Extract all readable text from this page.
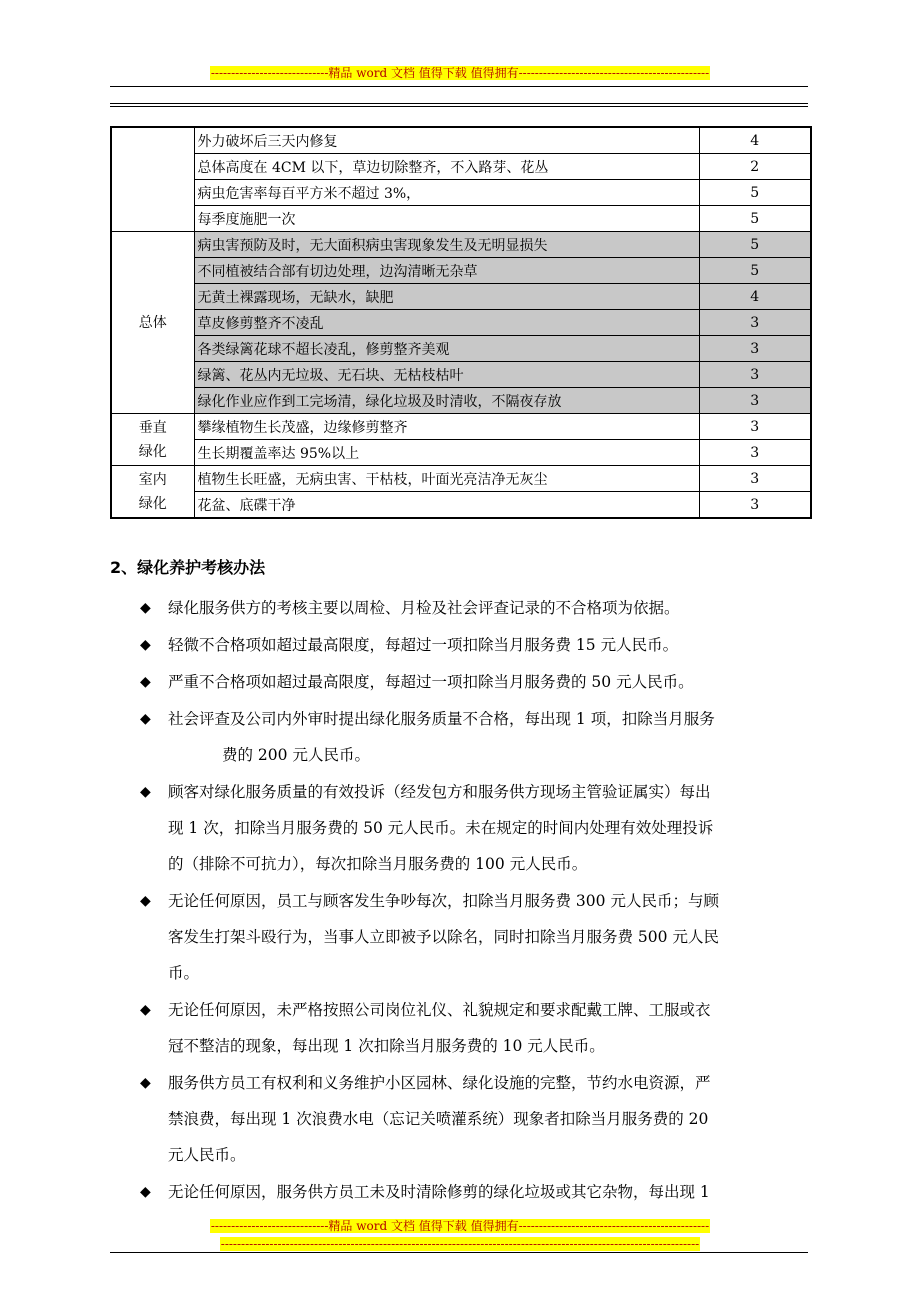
-----------------------------精品 word 文档 值得下载 值得拥有-----------------------------------------------
	外力破坏后三天内修复	4
	总体高度在 4CM 以下，草边切除整齐，不入路芽、花丛	2
	病虫危害率每百平方米不超过 3%，	5
	每季度施肥一次	5
总体	病虫害预防及时，无大面积病虫害现象发生及无明显损失	5
	不同植被结合部有切边处理，边沟清晰无杂草	5
	无黄土裸露现场，无缺水，缺肥	4
	草皮修剪整齐不凌乱	3
	各类绿篱花球不超长凌乱，修剪整齐美观	3
	绿篱、花丛内无垃圾、无石块、无枯枝枯叶	3
	绿化作业应作到工完场清，绿化垃圾及时清收，不隔夜存放	3
垂直
绿化	攀缘植物生长茂盛，边缘修剪整齐	3
	生长期覆盖率达 95%以上	3
室内
绿化	植物生长旺盛，无病虫害、干枯枝，叶面光亮洁净无灰尘	3
	花盆、底碟干净	3
2、绿化养护考核办法
◆ 绿化服务供方的考核主要以周检、月检及社会评查记录的不合格项为依据。
◆ 轻微不合格项如超过最高限度，每超过一项扣除当月服务费 15 元人民币。
◆ 严重不合格项如超过最高限度，每超过一项扣除当月服务费的 50 元人民币。
◆ 社会评查及公司内外审时提出绿化服务质量不合格，每出现 1 项，扣除当月服务

费的 200 元人民币。
◆ 顾客对绿化服务质量的有效投诉（经发包方和服务供方现场主管验证属实）每出
现 1 次，扣除当月服务费的 50 元人民币。未在规定的时间内处理有效处理投诉
的（排除不可抗力），每次扣除当月服务费的 100 元人民币。
◆ 无论任何原因，员工与顾客发生争吵每次，扣除当月服务费 300 元人民币；与顾
客发生打架斗殴行为，当事人立即被予以除名，同时扣除当月服务费 500 元人民
币。
◆ 无论任何原因，未严格按照公司岗位礼仪、礼貌规定和要求配戴工牌、工服或衣
冠不整洁的现象，每出现 1 次扣除当月服务费的 10 元人民币。
◆ 服务供方员工有权利和义务维护小区园林、绿化设施的完整，节约水电资源，严
禁浪费，每出现 1 次浪费水电（忘记关喷灌系统）现象者扣除当月服务费的 20
元人民币。
◆ 无论任何原因，服务供方员工未及时清除修剪的绿化垃圾或其它杂物，每出现 1
-----------------------------精品 word 文档 值得下载 值得拥有-----------------------------------------------
----------------------------------------------------------------------------------------------------------------------
